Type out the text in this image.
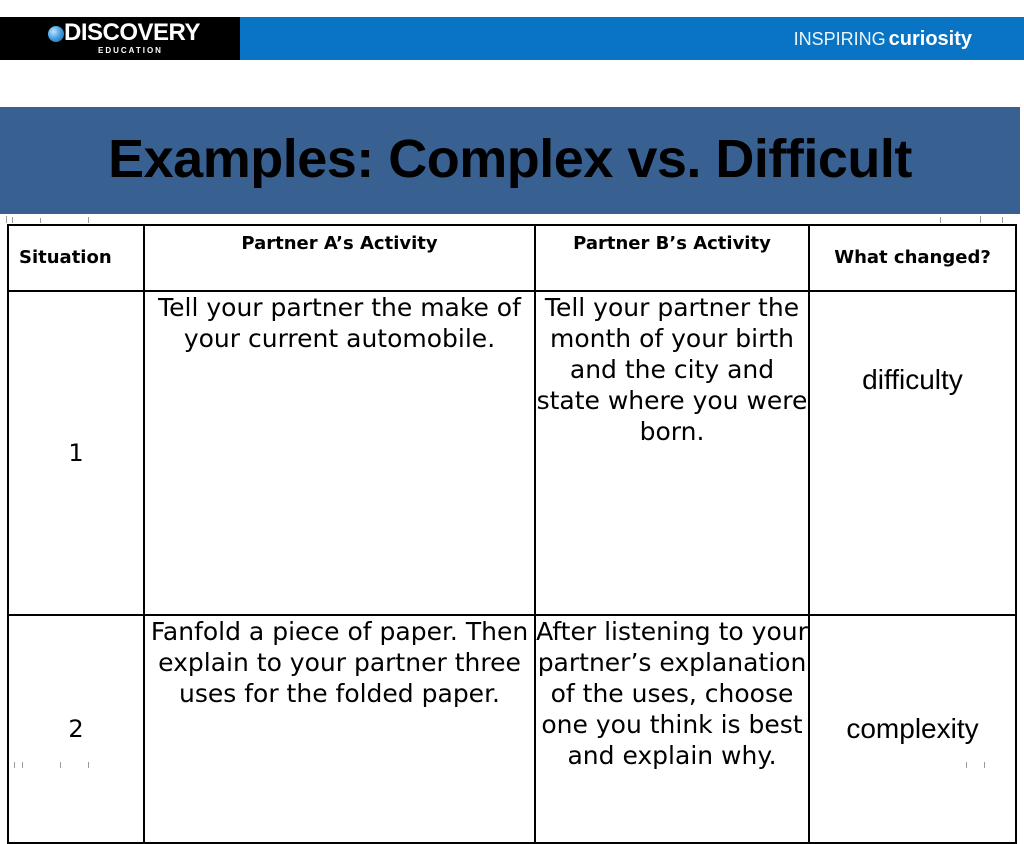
DISCOVERY
EDUCATION
INSPIRING curiosity
Examples: Complex vs. Difficult
Situation	Partner A’s Activity	Partner B’s Activity	What changed?
1	Tell your partner the make of your current automobile.	Tell your partner the month of your birth and the city and state where you were born.	difficulty
2	Fanfold a piece of paper. Then explain to your partner three uses for the folded paper.	After listening to your partner’s explanation of the uses, choose one you think is best and explain why.	complexity
